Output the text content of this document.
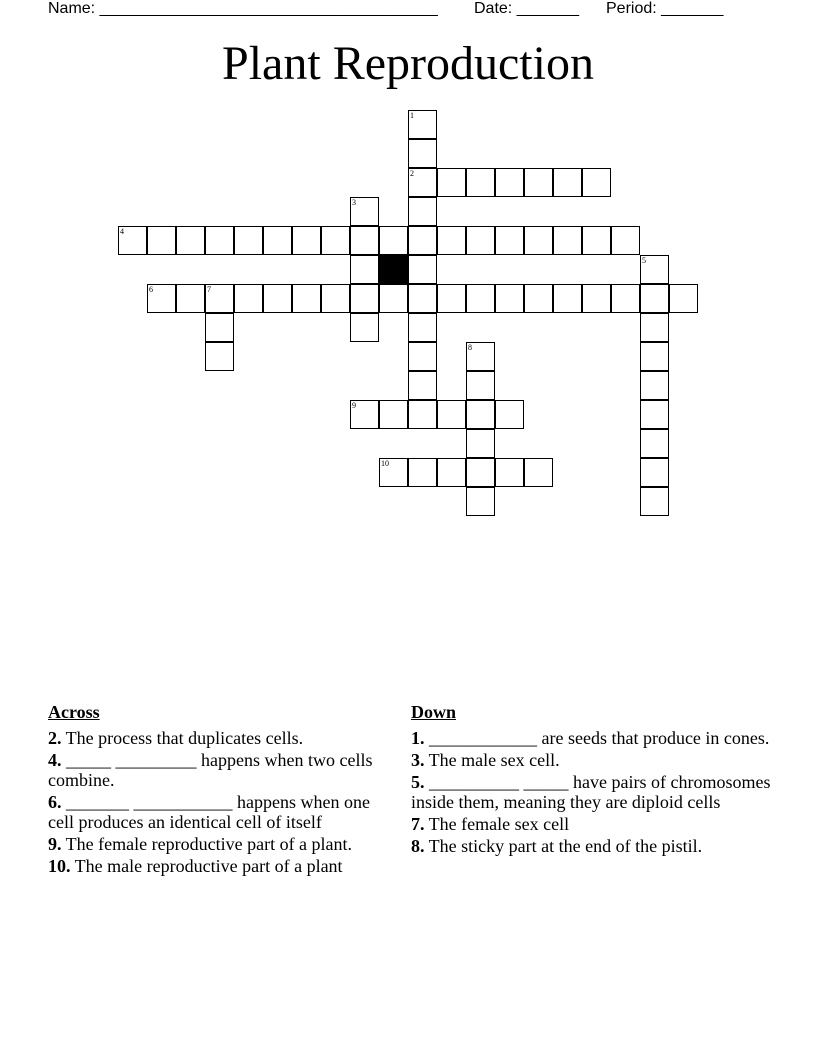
Name: ______________________________________ Date: _______ Period: _______
Plant Reproduction
1
2
3
4
5
6	7
8
9
10
Across
2. The process that duplicates cells.
4. _____ _________ happens when two cells combine.
6. _______ ___________ happens when one cell produces an identical cell of itself
9. The female reproductive part of a plant.
10. The male reproductive part of a plant
Down
1. ____________ are seeds that produce in cones.
3. The male sex cell.
5. __________ _____ have pairs of chromosomes inside them, meaning they are diploid cells
7. The female sex cell
8. The sticky part at the end of the pistil.
